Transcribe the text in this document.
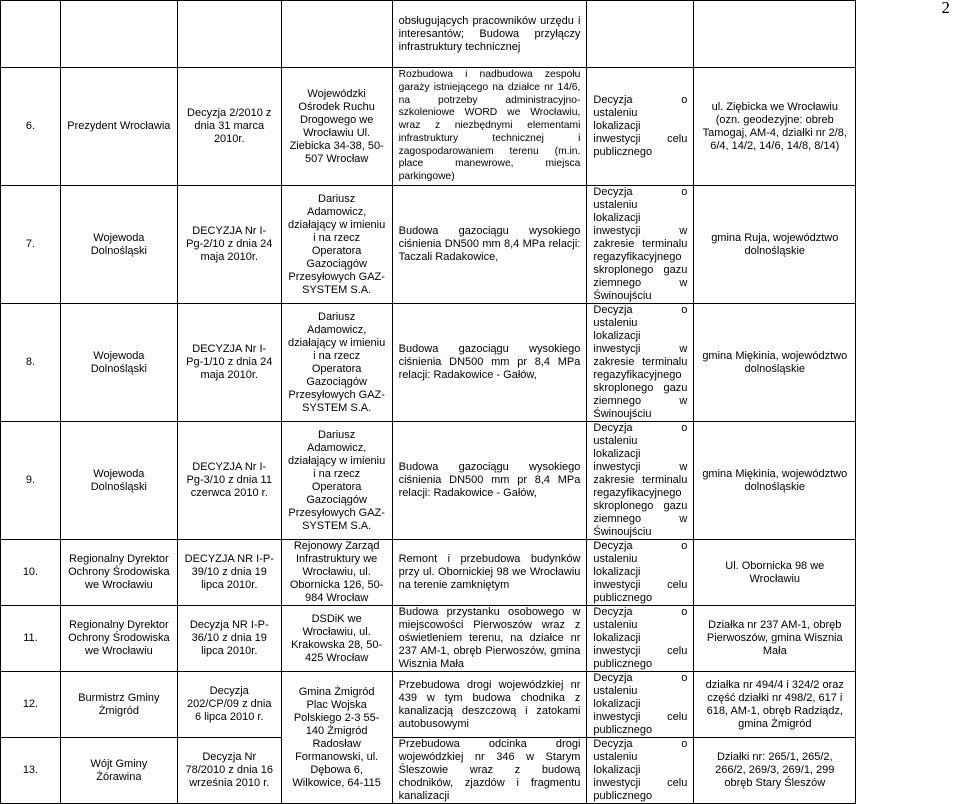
2
				obsługujących pracowników urzędu i interesantów; Budowa przyłączy infrastruktury technicznej			
6.	Prezydent Wrocławia	Decyzja 2/2010 z dnia 31 marca 2010r.	Wojewódzki Ośrodek Ruchu Drogowego we Wrocławiu Ul. Ziebicka 34-38, 50-507 Wrocław	Rozbudowa i nadbudowa zespołu garaży istniejącego na działce nr 14/6, na potrzeby administracyjno-szkoleniowe WORD we Wrocławiu, wraz z niezbędnymi elementami infrastruktury technicznej i zagospodarowaniem terenu (m.in. place manewrowe, miejsca parkingowe)	Decyzja o ustaleniu lokalizacji inwestycji celu publicznego	ul. Ziębicka we Wrocławiu (ozn. geodezyjne: obreb Tamogaj, AM-4, działki nr 2/8, 6/4, 14/2, 14/6, 14/8, 8/14)	
7.	Wojewoda Dolnośląski	DECYZJA Nr I-Pg-2/10 z dnia 24 maja 2010r.	Dariusz Adamowicz, działający w imieniu i na rzecz Operatora Gazociągów Przesyłowych GAZ-SYSTEM S.A.	Budowa gazociągu wysokiego ciśnienia DN500 mm 8,4 MPa relacji: Taczali Radakowice,	Decyzja o ustaleniu lokalizacji inwestycji w zakresie terminalu regazyfikacyjnego skroplonego gazu ziemnego w Świnoujściu	gmina Ruja, województwo dolnośląskie	
8.	Wojewoda Dolnośląski	DECYZJA Nr I-Pg-1/10 z dnia 24 maja 2010r.	Dariusz Adamowicz, działający w imieniu i na rzecz Operatora Gazociągów Przesyłowych GAZ-SYSTEM S.A.	Budowa gazociągu wysokiego ciśnienia DN500 mm pr 8,4 MPa relacji: Radakowice - Gałów,	Decyzja o ustaleniu lokalizacji inwestycji w zakresie terminalu regazyfikacyjnego skroplonego gazu ziemnego w Świnoujściu	gmina Miękinia, województwo dolnośląskie	
9.	Wojewoda Dolnośląski	DECYZJA Nr I-Pg-3/10 z dnia 11 czerwca 2010 r.	Dariusz Adamowicz, działający w imieniu i na rzecz Operatora Gazociągów Przesyłowych GAZ-SYSTEM S.A.	Budowa gazociągu wysokiego ciśnienia DN500 mm pr 8,4 MPa relacji: Radakowice - Gałów,	Decyzja o ustaleniu lokalizacji inwestycji w zakresie terminalu regazyfikacyjnego skroplonego gazu ziemnego w Świnoujściu	gmina Miękinia, województwo dolnośląskie	
10.	Regionalny Dyrektor Ochrony Środowiska we Wrocławiu	DECYZJA NR I-P-39/10 z dnia 19 lipca 2010r.	Rejonowy Zarząd Infrastruktury we Wrocławiu, ul. Obornicka 126, 50-984 Wrocław	Remont i przebudowa budynków przy ul. Obornickiej 98 we Wrocławiu na terenie zamkniętym	Decyzja o ustaleniu lokalizacji inwestycji celu publicznego	Ul. Obornicka 98 we Wrocławiu	
11.	Regionalny Dyrektor Ochrony Środowiska we Wrocławiu	Decyzja NR I-P-36/10 z dnia 19 lipca 2010r.	DSDiK we Wrocławiu, ul. Krakowska 28, 50-425 Wrocław	Budowa przystanku osobowego w miejscowości Pierwoszów wraz z oświetleniem terenu, na działce nr 237 AM-1, obręb Pierwoszów, gmina Wisznia Mała	Decyzja o ustaleniu lokalizacji inwestycji celu publicznego	Działka nr 237 AM-1, obręb Pierwoszów, gmina Wisznia Mała	
12.	Burmistrz Gminy Żmigród	Decyzja 202/CP/09 z dnia 6 lipca 2010 r.	Gmina Żmigród Plac Wojska Polskiego 2-3 55-140 Żmigród Radosław Formanowski, ul. Dębowa 6, Wilkowice, 64-115	Przebudowa drogi wojewódzkiej nr 439 w tym budowa chodnika z kanalizacją deszczową i zatokami autobusowymi	Decyzja o ustaleniu lokalizacji inwestycji celu publicznego	działka nr 494/4 i 324/2 oraz część działki nr 498/2, 617 i 618, AM-1, obręb Radziądz, gmina Żmigród	
13.	Wójt Gminy Żórawina	Decyzja Nr 78/2010 z dnia 16 września 2010 r.		Przebudowa odcinka drogi wojewódzkiej nr 346 w Starym Śleszowie wraz z budową chodników, zjazdów i fragmentu kanalizacji	Decyzja o ustaleniu lokalizacji inwestycji celu publicznego	Działki nr: 265/1, 265/2, 266/2, 269/3, 269/1, 299 obręb Stary Śleszów	
